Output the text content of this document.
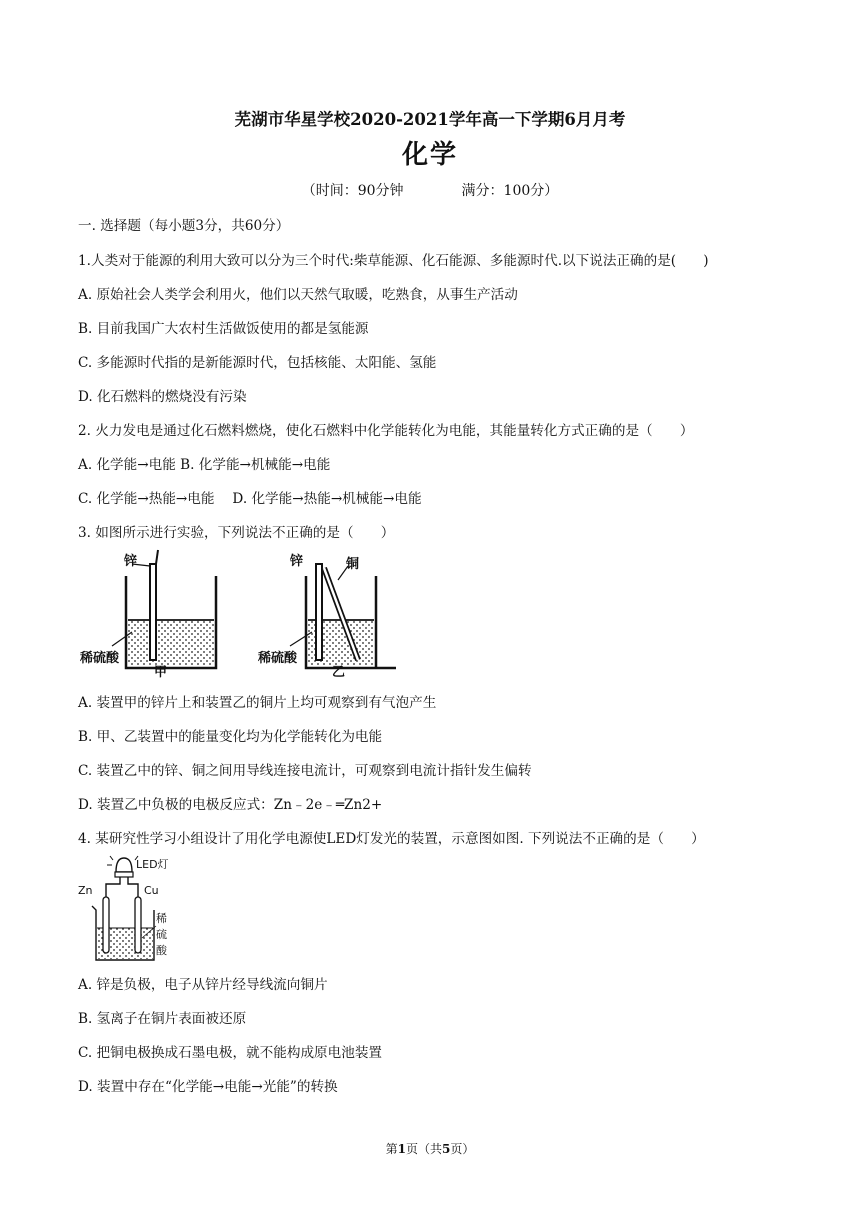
芜湖市华星学校2020-2021学年高一下学期6月月考
化学
（时间：90分钟	满分：100分）
一. 选择题（每小题3分，共60分）
1.人类对于能源的利用大致可以分为三个时代:柴草能源、化石能源、多能源时代.以下说法正确的是(　　)
A. 原始社会人类学会利用火，他们以天然气取暖，吃熟食，从事生产活动
B. 目前我国广大农村生活做饭使用的都是氢能源
C. 多能源时代指的是新能源时代，包括核能、太阳能、氢能
D. 化石燃料的燃烧没有污染
2. 火力发电是通过化石燃料燃烧，使化石燃料中化学能转化为电能，其能量转化方式正确的是（　　）
A. 化学能→电能 B. 化学能→机械能→电能
C. 化学能→热能→电能　 D. 化学能→热能→机械能→电能
3. 如图所示进行实验，下列说法不正确的是（　　）
锌
稀硫酸
甲
锌	铜
稀硫酸
乙
A. 装置甲的锌片上和装置乙的铜片上均可观察到有气泡产生
B. 甲、乙装置中的能量变化均为化学能转化为电能
C. 装置乙中的锌、铜之间用导线连接电流计，可观察到电流计指针发生偏转
D. 装置乙中负极的电极反应式：Zn﹣2e﹣═Zn2+
4. 某研究性学习小组设计了用化学电源使LED灯发光的装置，示意图如图. 下列说法不正确的是（　　）
LED灯
Zn	Cu
稀
硫
酸
A. 锌是负极，电子从锌片经导线流向铜片
B. 氢离子在铜片表面被还原
C. 把铜电极换成石墨电极，就不能构成原电池装置
D. 装置中存在“化学能→电能→光能”的转换
第1页（共5页）
